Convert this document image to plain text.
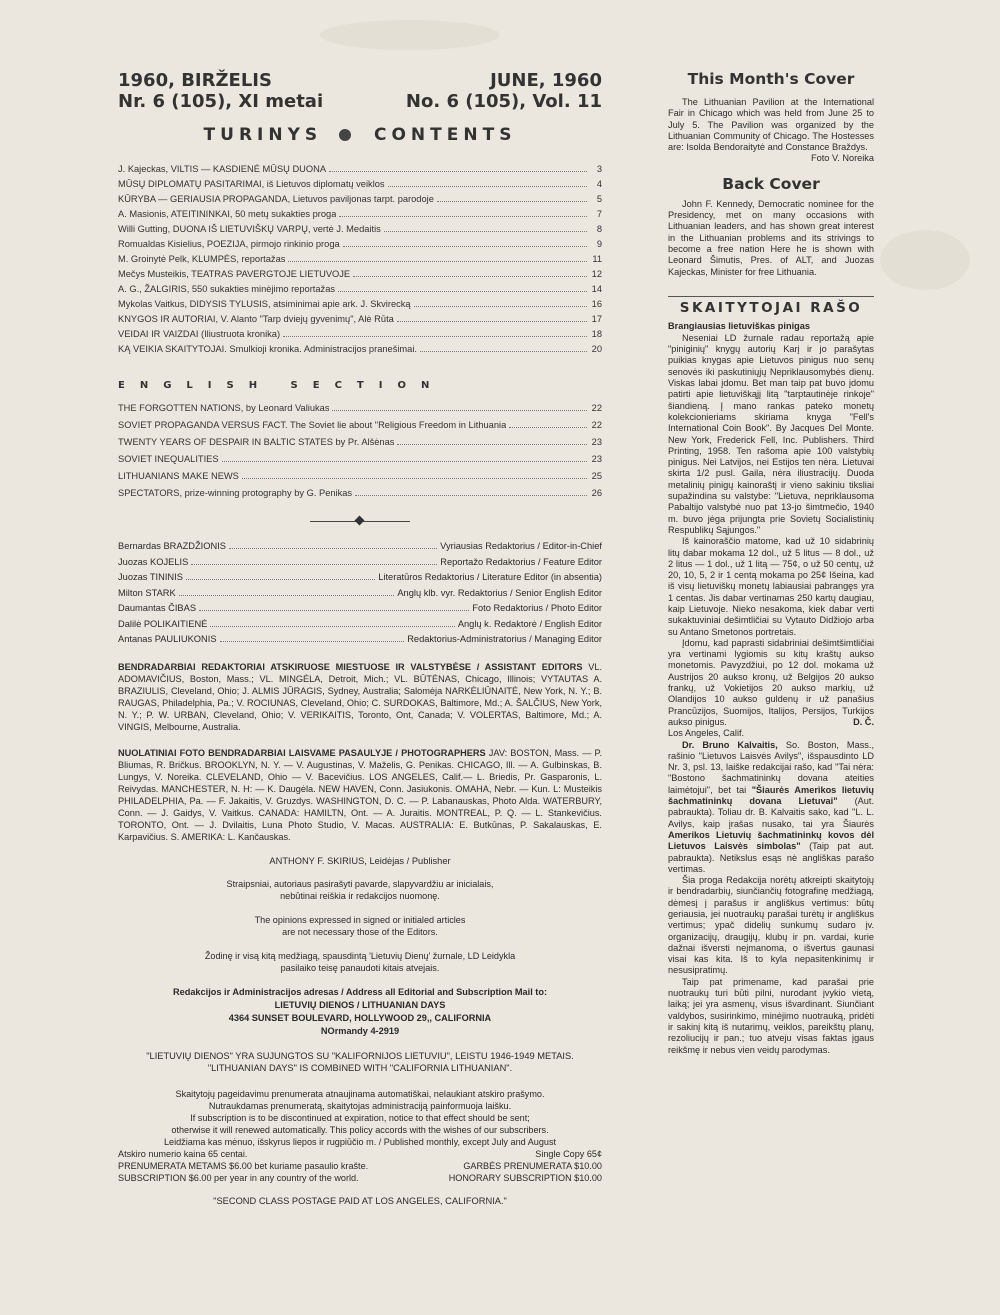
1960, BIRŽELIS
Nr. 6 (105), XI metai
JUNE, 1960
No. 6 (105), Vol. 11
TURINYS	CONTENTS
J. Kajeckas, VILTIS — KASDIENĖ MŪSŲ DUONA	3
MŪSŲ DIPLOMATŲ PASITARIMAI, iš Lietuvos diplomatų veiklos	4
KŪRYBA — GERIAUSIA PROPAGANDA, Lietuvos paviljonas tarpt. parodoje	5
A. Masionis, ATEITININKAI, 50 metų sukakties proga	7
Willi Gutting, DUONA IŠ LIETUVIŠKŲ VARPŲ, vertė J. Medaitis	8
Romualdas Kisielius, POEZIJA, pirmojo rinkinio proga	9
M. Groinytė Pelk, KLUMPĖS, reportažas	11
Mečys Musteikis, TEATRAS PAVERGTOJE LIETUVOJE	12
A. G., ŽALGIRIS, 550 sukakties minėjimo reportažas	14
Mykolas Vaitkus, DIDYSIS TYLUSIS, atsiminimai apie ark. J. Skvirecką	16
KNYGOS IR AUTORIAI, V. Alanto "Tarp dviejų gyvenimų", Alė Rūta	17
VEIDAI IR VAIZDAI (Iliustruota kronika)	18
KĄ VEIKIA SKAITYTOJAI. Smulkioji kronika. Administracijos pranešimai.	20
ENGLISH SECTION
THE FORGOTTEN NATIONS, by Leonard Valiukas	22
SOVIET PROPAGANDA VERSUS FACT. The Soviet lie about "Religious Freedom in Lithuania	22
TWENTY YEARS OF DESPAIR IN BALTIC STATES by Pr. Alšėnas	23
SOVIET INEQUALITIES	23
LITHUANIANS MAKE NEWS	25
SPECTATORS, prize-winning protography by G. Penikas	26
Bernardas BRAZDŽIONIS	Vyriausias Redaktorius / Editor-in-Chief
Juozas KOJELIS	Reportažo Redaktorius / Feature Editor
Juozas TININIS	Literatūros Redaktorius / Literature Editor (in absentia)
Milton STARK	Anglų klb. vyr. Redaktorius / Senior English Editor
Daumantas ČIBAS	Foto Redaktorius / Photo Editor
Dalilė POLIKAITIENĖ	Anglų k. Redaktorė / English Editor
Antanas PAULIUKONIS	Redaktorius-Administratorius / Managing Editor
BENDRADARBIAI REDAKTORIAI ATSKIRUOSE MIESTUOSE IR VALSTYBĖSE / ASSISTANT EDITORS VL. ADOMAVIČIUS, Boston, Mass.; VL. MINGĖLA, Detroit, Mich.; VL. BŪTĖNAS, Chicago, Illinois; VYTAUTAS A. BRAZIULIS, Cleveland, Ohio; J. ALMIS JŪRAGIS, Sydney, Australia; Salomėja NARKĖLIŪNAITĖ, New York, N. Y.; B. RAUGAS, Philadelphia, Pa.; V. ROCIUNAS, Cleveland, Ohio; C. SURDOKAS, Baltimore, Md.; A. ŠALČIUS, New York, N. Y.; P. W. URBAN, Cleveland, Ohio; V. VERIKAITIS, Toronto, Ont, Canada; V. VOLERTAS, Baltimore, Md.; A. VINGIS, Melbourne, Australia.
NUOLATINIAI FOTO BENDRADARBIAI LAISVAME PASAULYJE / PHOTOGRAPHERS JAV: BOSTON, Mass. — P. Bliumas, R. Bričkus. BROOKLYN, N. Y. — V. Augustinas, V. Maželis, G. Penikas. CHICAGO, Ill. — A. Gulbinskas, B. Lungys, V. Noreika. CLEVELAND, Ohio — V. Bacevičius. LOS ANGELES, Calif.— L. Briedis, Pr. Gasparonis, L. Reivydas. MANCHESTER, N. H: — K. Daugėla. NEW HAVEN, Conn. Jasiukonis. OMAHA, Nebr. — Kun. L: Musteikis PHILADELPHIA, Pa. — F. Jakaitis, V. Gruzdys. WASHINGTON, D. C. — P. Labanauskas, Photo Alda. WATERBURY, Conn. — J. Gaidys, V. Vaitkus. CANADA: HAMILTN, Ont. — A. Juraitis. MONTREAL, P. Q. — L. Stankevičius. TORONTO, Ont. — J. Dvilaitis, Luna Photo Studio, V. Macas. AUSTRALIA: E. Butkūnas, P. Sakalauskas, E. Karpavičius. S. AMERIKA: L. Kančauskas.
ANTHONY F. SKIRIUS, Leidėjas / Publisher
Straipsniai, autoriaus pasirašyti pavarde, slapyvardžiu ar inicialais,
nebūtinai reiškia ir redakcijos nuomonę.
The opinions expressed in signed or initialed articles
are not necessary those of the Editors.
Žodinę ir visą kitą medžiagą, spausdintą 'Lietuvių Dienų' žurnale, LD Leidykla
pasilaiko teisę panaudoti kitais atvejais.
Redakcijos ir Administracijos adresas / Address all Editorial and Subscription Mail to:
LIETUVIŲ DIENOS / LITHUANIAN DAYS
4364 SUNSET BOULEVARD, HOLLYWOOD 29,, CALIFORNIA
NOrmandy 4-2919
"LIETUVIŲ DIENOS" YRA SUJUNGTOS SU "KALIFORNIJOS LIETUVIU", LEISTU 1946-1949 METAIS.
"LITHUANIAN DAYS" IS COMBINED WITH "CALIFORNIA LITHUANIAN".
Skaitytojų pageidavimu prenumerata atnaujinama automatiškai, nelaukiant atskiro prašymo.
Nutraukdamas prenumeratą, skaitytojas administraciją painformuoja laišku.
If subscription is to be discontinued at expiration, notice to that effect should be sent;
otherwise it will renewed automatically. This policy accords with the wishes of our subscribers.
Leidžiama kas mėnuo, išskyrus liepos ir rugpiūčio m. / Published monthly, except July and August
Atskiro numerio kaina 65 centai.	Single Copy 65¢
PRENUMERATA METAMS $6.00 bet kuriame pasaulio krašte.	GARBĖS PRENUMERATA $10.00
SUBSCRIPTION $6.00 per year in any country of the world.	HONORARY SUBSCRIPTION $10.00
"SECOND CLASS POSTAGE PAID AT LOS ANGELES, CALIFORNIA."
This Month's Cover

The Lithuanian Pavilion at the International Fair in Chicago which was held from June 25 to July 5. The Pavilion was organized by the Lithuanian Community of Chicago. The Hostesses are: Isolda Bendoraitytė and Constance Braždys.

Foto V. Noreika
Back Cover

John F. Kennedy, Democratic nominee for the Presidency, met on many occasions with Lithuanian leaders, and has shown great interest in the Lithuanian problems and its strivings to become a free nation Here he is shown with Leonard Šimutis, Pres. of ALT, and Juozas Kajeckas, Minister for free Lithuania.

SKAITYTOJAI RAŠO
Brangiausias lietuviškas pinigas

Neseniai LD žurnale radau reportažą apie "piniginių" knygų autorių Karį ir jo parašytas puikias knygas apie Lietuvos pinigus nuo senų senovės iki paskutiniųjų Nepriklausomybės dienų. Viskas labai įdomu. Bet man taip pat buvo įdomu patirti apie lietuviškąjį litą "tarptautinėje rinkoje" šiandieną. Į mano rankas pateko monetų kolekcionieriams skiriama knyga "Fell's International Coin Book". By Jacques Del Monte. New York, Frederick Fell, Inc. Publishers. Third Printing, 1958. Ten rašoma apie 100 valstybių pinigus. Nei Latvijos, nei Estijos ten nėra. Lietuvai skirta 1/2 pusl. Gaila, nėra iliustracijų. Duoda metalinių pinigų kainoraštį ir vieno sakiniu tiksliai supažindina su valstybe: "Lietuva, nepriklausoma Pabaltijo valstybė nuo pat 13-jo šimtmečio, 1940 m. buvo jėga prijungta prie Sovietų Socialistinių Respublikų Sąjungos."

Iš kainoraščio matome, kad už 10 sidabrinių litų dabar mokama 12 dol., už 5 litus — 8 dol., už 2 litus — 1 dol., už 1 litą — 75¢, o už 50 centų, už 20, 10, 5, 2 ir 1 centą mokama po 25¢ Išeina, kad iš visų lietuviškų monetų labiausiai pabrangęs yra 1 centas. Jis dabar vertinamas 250 kartų daugiau, kaip Lietuvoje. Nieko nesakoma, kiek dabar verti sukaktuviniai dešimtličiai su Vytauto Didžiojo arba su Antano Smetonos portretais.

Įdomu, kad paprasti sidabriniai dešimtšimtličiai yra vertinami lygiomis su kitų kraštų aukso monetomis. Pavyzdžiui, po 12 dol. mokama už Austrijos 20 aukso kronų, už Belgijos 20 aukso frankų, už Vokietijos 20 aukso markių, už Olandijos 10 aukso guldenų ir už panašius Prancūzijos, Suomijos, Italijos, Persijos, Turkijos aukso pinigus.	D. Č.

Los Angeles, Calif.

Dr. Bruno Kalvaitis, So. Boston, Mass., rašinio "Lietuvos Laisvės Avilys", išspausdinto LD Nr. 3, psl. 13, laiške redakcijai rašo, kad "Tai nėra: "Bostono šachmatininkų dovana ateities laimėtojui", bet tai "Šiaurės Amerikos lietuvių šachmatininkų dovana Lietuvai" (Aut. pabraukta). Toliau dr. B. Kalvaitis sako, kad "L. L. Avilys, kaip įrašas nusako, tai yra Šiaurės Amerikos Lietuvių šachmatininkų kovos dėl Lietuvos Laisvės simbolas" (Taip pat aut. pabraukta). Netikslus esąs nė angliškas parašo vertimas.

Šia proga Redakcija norėtų atkreipti skaitytojų ir bendradarbių, siunčiančių fotografinę medžiagą, dėmesį į parašus ir angliškus vertimus: būtų geriausia, jei nuotraukų parašai turėtų ir angliškus vertimus; ypač didelių sunkumų sudaro įv. organizacijų, draugijų, klubų ir pn. vardai, kurie dažnai išversti neįmanoma, o išvertus gaunasi visai kas kita. Iš to kyla nepasitenkinimų ir nesusipratimų.

Taip pat primename, kad parašai prie nuotraukų turi būti pilni, nurodant įvykio vietą, laiką; jei yra asmenų, visus išvardinant. Siunčiant valdybos, susirinkimo, minėjimo nuotrauką, pridėti ir sakinį kitą iš nutarimų, veiklos, pareikštų planų, rezoliucijų ir pan.; tuo atveju visas faktas įgaus reikšmę ir nebus vien veidų parodymas.
